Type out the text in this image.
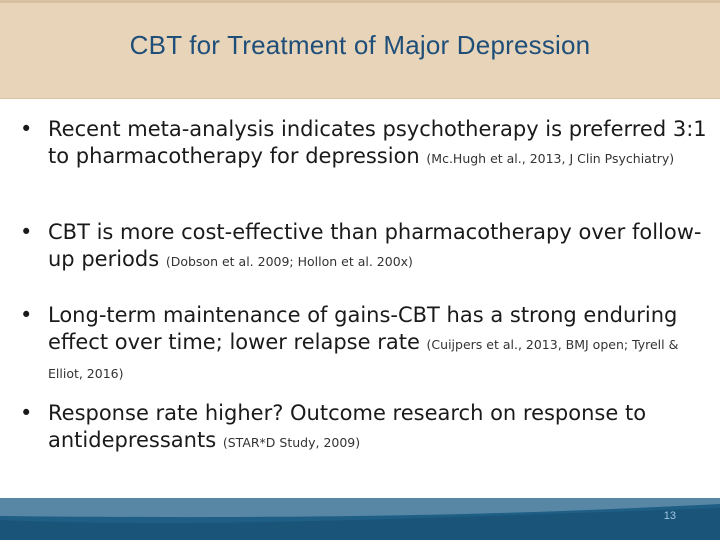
CBT for Treatment of Major Depression
• Recent meta-analysis indicates psychotherapy is preferred 3:1 to pharmacotherapy for depression (Mc.Hugh et al., 2013, J Clin Psychiatry)
• CBT is more cost-effective than pharmacotherapy over follow-up periods (Dobson et al. 2009; Hollon et al. 200x)
• Long-term maintenance of gains-CBT has a strong enduring effect over time; lower relapse rate (Cuijpers et al., 2013, BMJ open; Tyrell & Elliot, 2016)
• Response rate higher? Outcome research on response to antidepressants (STAR*D Study, 2009)
13
